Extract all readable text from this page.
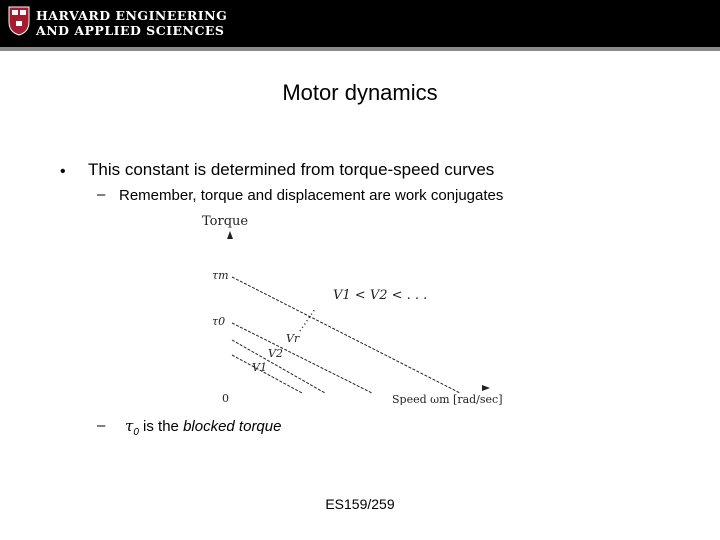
HARVARD ENGINEERING
AND APPLIED SCIENCES
Motor dynamics
• This constant is determined from torque-speed curves
– Remember, torque and displacement are work conjugates
Torque
τm
τ0
0
V1 < V2 < . . .
Vr
V2
V1
Speed ωm [rad/sec]
– $\tau_0$ is the blocked torque
ES159/259
